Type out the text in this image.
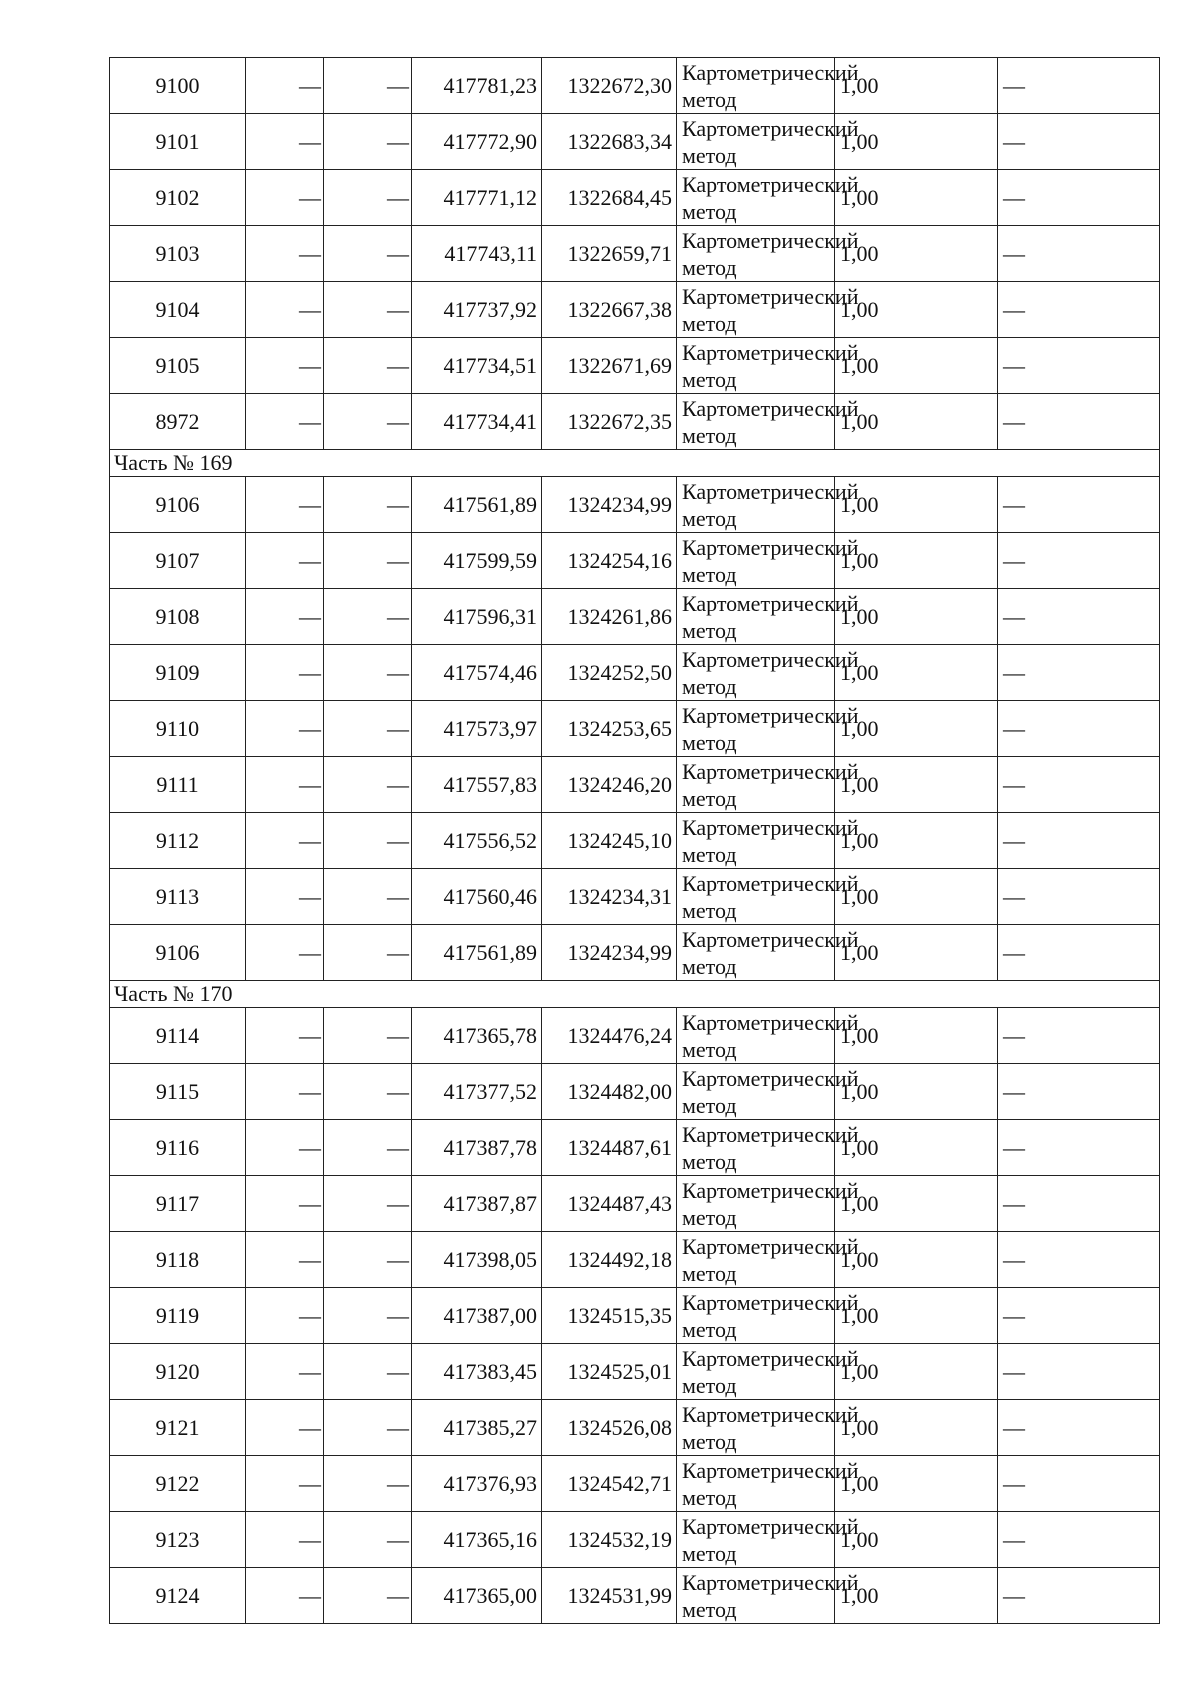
9100	—	—	417781,23	1322672,30	Картометрический метод	1,00	—
9101	—	—	417772,90	1322683,34	Картометрический метод	1,00	—
9102	—	—	417771,12	1322684,45	Картометрический метод	1,00	—
9103	—	—	417743,11	1322659,71	Картометрический метод	1,00	—
9104	—	—	417737,92	1322667,38	Картометрический метод	1,00	—
9105	—	—	417734,51	1322671,69	Картометрический метод	1,00	—
8972	—	—	417734,41	1322672,35	Картометрический метод	1,00	—
Часть № 169							
9106	—	—	417561,89	1324234,99	Картометрический метод	1,00	—
9107	—	—	417599,59	1324254,16	Картометрический метод	1,00	—
9108	—	—	417596,31	1324261,86	Картометрический метод	1,00	—
9109	—	—	417574,46	1324252,50	Картометрический метод	1,00	—
9110	—	—	417573,97	1324253,65	Картометрический метод	1,00	—
9111	—	—	417557,83	1324246,20	Картометрический метод	1,00	—
9112	—	—	417556,52	1324245,10	Картометрический метод	1,00	—
9113	—	—	417560,46	1324234,31	Картометрический метод	1,00	—
9106	—	—	417561,89	1324234,99	Картометрический метод	1,00	—
Часть № 170							
9114	—	—	417365,78	1324476,24	Картометрический метод	1,00	—
9115	—	—	417377,52	1324482,00	Картометрический метод	1,00	—
9116	—	—	417387,78	1324487,61	Картометрический метод	1,00	—
9117	—	—	417387,87	1324487,43	Картометрический метод	1,00	—
9118	—	—	417398,05	1324492,18	Картометрический метод	1,00	—
9119	—	—	417387,00	1324515,35	Картометрический метод	1,00	—
9120	—	—	417383,45	1324525,01	Картометрический метод	1,00	—
9121	—	—	417385,27	1324526,08	Картометрический метод	1,00	—
9122	—	—	417376,93	1324542,71	Картометрический метод	1,00	—
9123	—	—	417365,16	1324532,19	Картометрический метод	1,00	—
9124	—	—	417365,00	1324531,99	Картометрический метод	1,00	—
